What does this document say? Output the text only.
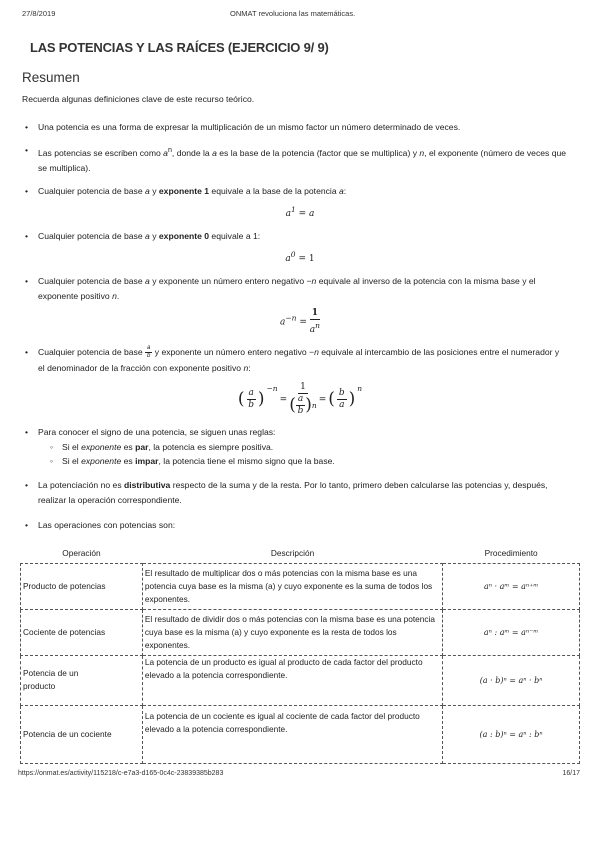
27/8/2019	ONMAT revoluciona las matemáticas.
LAS POTENCIAS Y LAS RAÍCES (EJERCICIO 9/ 9)
Resumen
Recuerda algunas definiciones clave de este recurso teórico.
• Una potencia es una forma de expresar la multiplicación de un mismo factor un número determinado de veces.
• Las potencias se escriben como $a^n$, donde la a es la base de la potencia (factor que se multiplica) y n, el exponente (número de veces que se multiplica).
• Cualquier potencia de base a y exponente 1 equivale a la base de la potencia a:
$a^1 = a$
• Cualquier potencia de base a y exponente 0 equivale a 1:
$a^0 = 1$
• Cualquier potencia de base a y exponente un número entero negativo −n equivale al inverso de la potencia con la misma base y el exponente positivo n.
$a^{-n} = \frac{1}{a^n}$
• Cualquier potencia de base $\frac{a}{b}$ y exponente un número entero negativo −n equivale al intercambio de las posiciones entre el numerador y el denominador de la fracción con exponente positivo n:
( $\frac{a}{b}$ )
$^{-n}$
= $\frac{1}{( \frac{a}{b} ) n}$ = ( $\frac{b}{a}$ )
$^n$
• Para conocer el signo de una potencia, se siguen unas reglas:
◦ Si el exponente es par, la potencia es siempre positiva.
◦ Si el exponente es impar, la potencia tiene el mismo signo que la base.
• La potenciación no es distributiva respecto de la suma y de la resta. Por lo tanto, primero deben calcularse las potencias y, después, realizar la operación correspondiente.
• Las operaciones con potencias son:
Operación	Descripción	Procedimiento
Producto de potencias	El resultado de multiplicar dos o más potencias con la misma base es una potencia cuya base es la misma (a) y cuyo exponente es la suma de todos los exponentes.	aⁿ · aᵐ = aⁿ⁺ᵐ
Cociente de potencias	El resultado de dividir dos o más potencias con la misma base es una potencia cuya base es la misma (a) y cuyo exponente es la resta de todos los exponentes.	aⁿ : aᵐ = aⁿ⁻ᵐ
Potencia de un producto	La potencia de un producto es igual al producto de cada factor del producto elevado a la potencia correspondiente.	(a · b)ⁿ = aⁿ · bⁿ
Potencia de un cociente	La potencia de un cociente es igual al cociente de cada factor del producto elevado a la potencia correspondiente.	(a : b)ⁿ = aⁿ : bⁿ
https://onmat.es/activity/115218/c-e7a3-d165-0c4c-23839385b283	16/17
